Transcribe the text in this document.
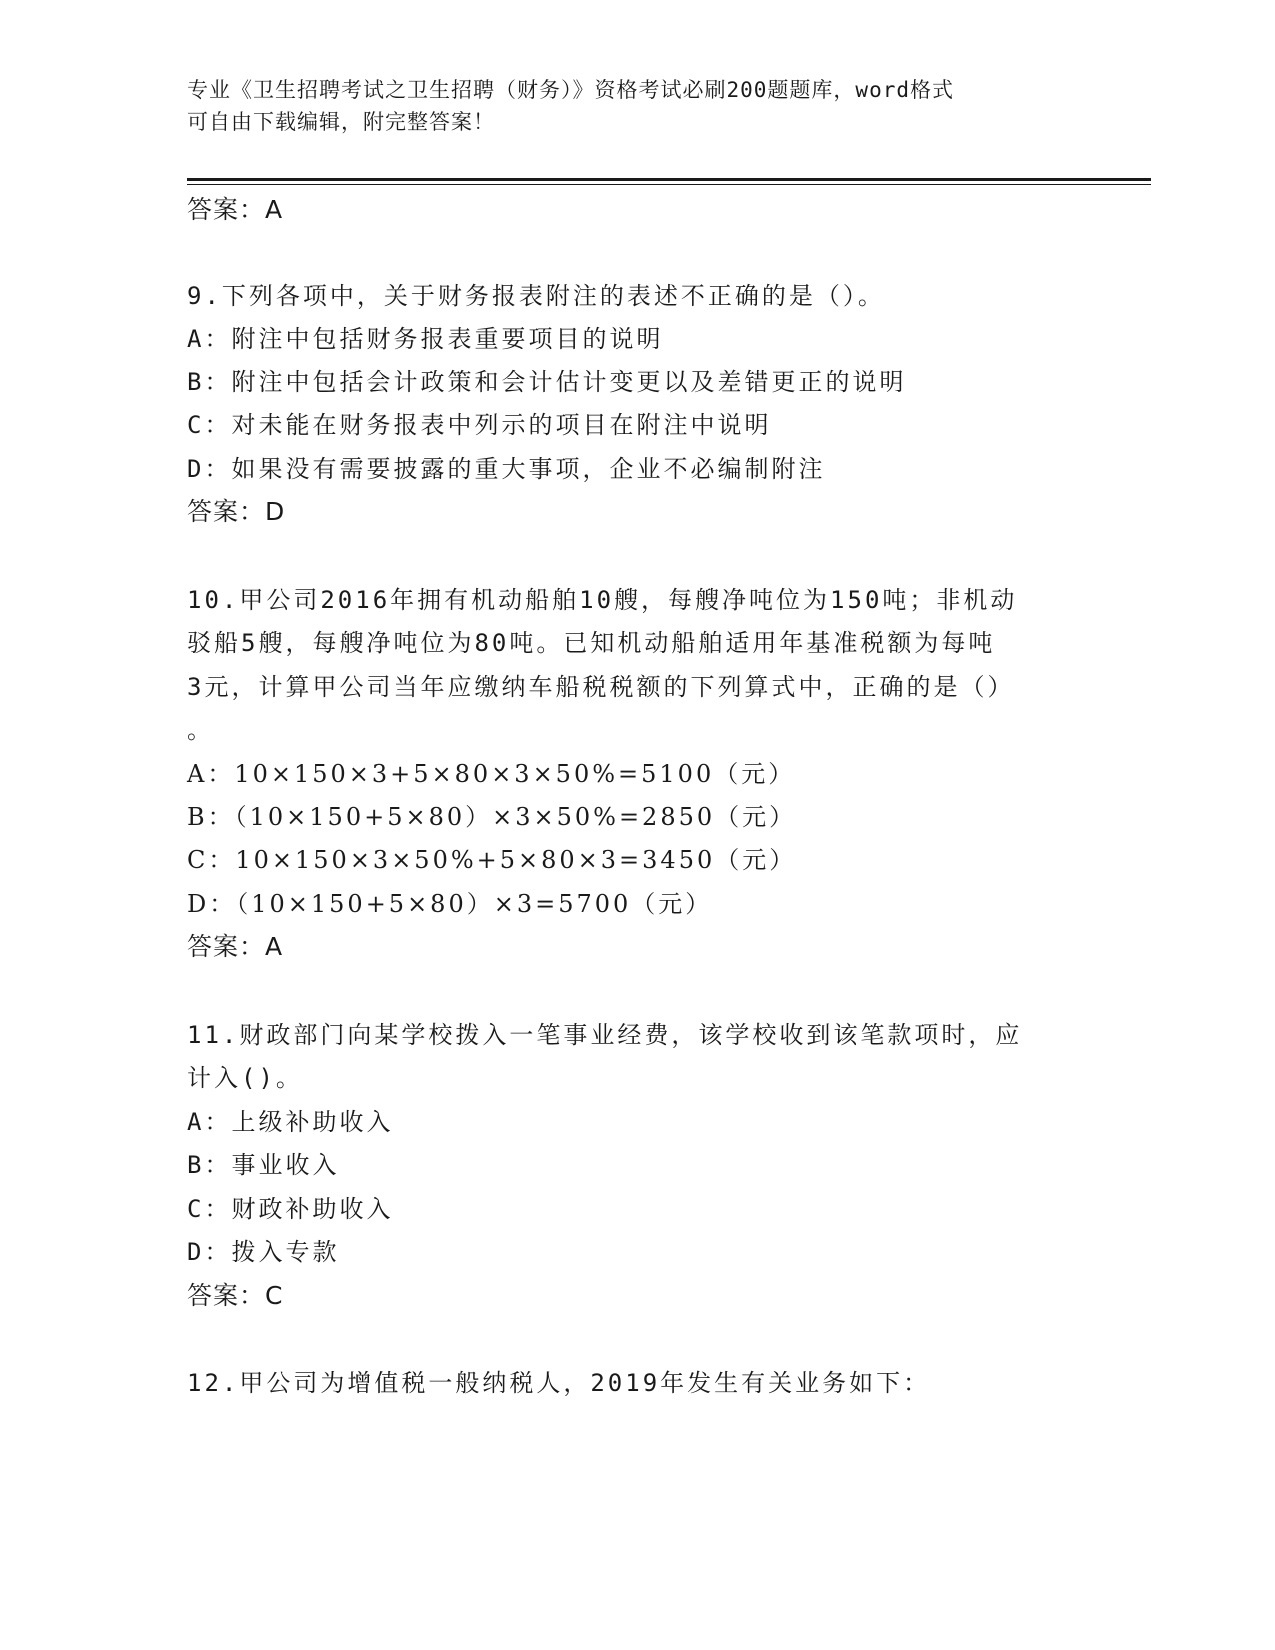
专业《卫生招聘考试之卫生招聘（财务）》资格考试必刷200题题库，word格式
可自由下载编辑，附完整答案！
答案：A
9.下列各项中，关于财务报表附注的表述不正确的是（）。
A：附注中包括财务报表重要项目的说明
B：附注中包括会计政策和会计估计变更以及差错更正的说明
C：对未能在财务报表中列示的项目在附注中说明
D：如果没有需要披露的重大事项，企业不必编制附注
答案：D
10.甲公司2016年拥有机动船舶10艘，每艘净吨位为150吨；非机动
驳船5艘，每艘净吨位为80吨。已知机动船舶适用年基准税额为每吨
3元，计算甲公司当年应缴纳车船税税额的下列算式中，正确的是（）
。
A：10×150×3+5×80×3×50%=5100（元）
B：（10×150+5×80）×3×50%=2850（元）
C：10×150×3×50%+5×80×3=3450（元）
D：（10×150+5×80）×3=5700（元）
答案：A
11.财政部门向某学校拨入一笔事业经费，该学校收到该笔款项时，应
计入()。
A：上级补助收入
B：事业收入
C：财政补助收入
D：拨入专款
答案：C
12.甲公司为增值税一般纳税人，2019年发生有关业务如下：
